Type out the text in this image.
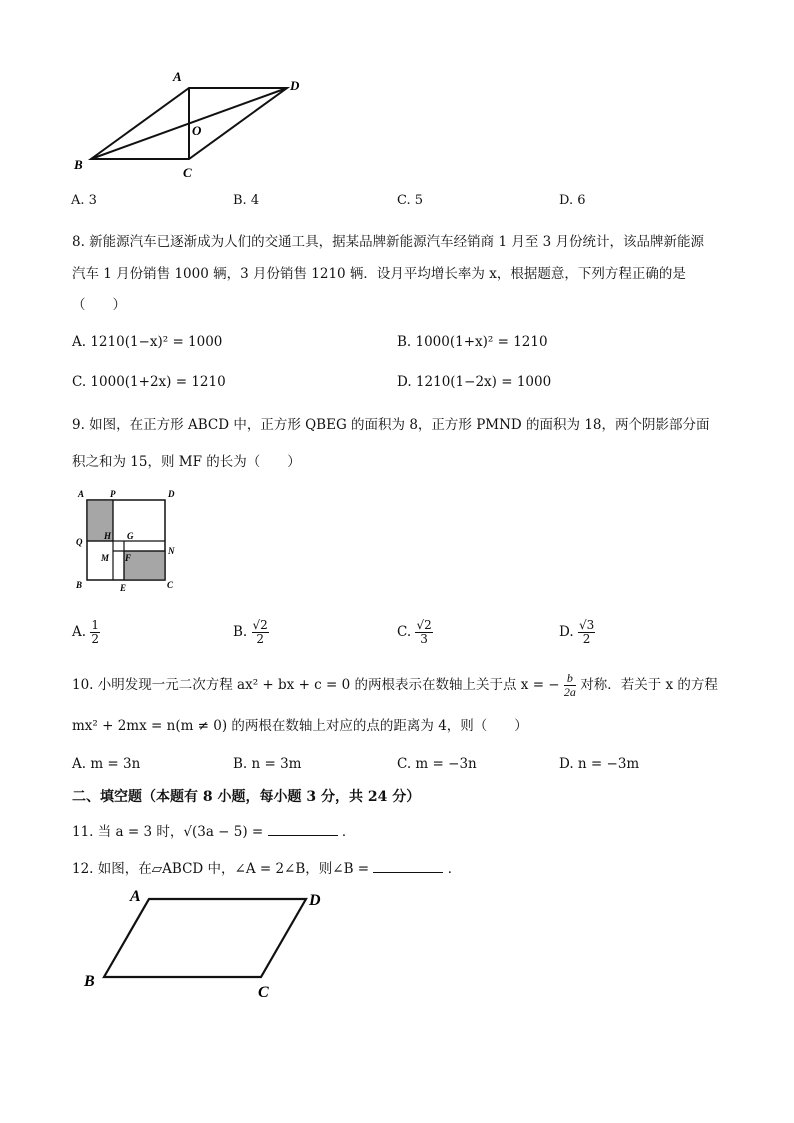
A
D
O
B
C
A. 3	B. 4	C. 5	D. 6
8. 新能源汽车已逐渐成为人们的交通工具，据某品牌新能源汽车经销商 1 月至 3 月份统计，该品牌新能源
汽车 1 月份销售 1000 辆，3 月份销售 1210 辆．设月平均增长率为 x，根据题意，下列方程正确的是
（　　）
A. 1210(1−x)² = 1000	B. 1000(1+x)² = 1210
C. 1000(1+2x) = 1210	D. 1210(1−2x) = 1000
9. 如图，在正方形 ABCD 中，正方形 QBEG 的面积为 8，正方形 PMND 的面积为 18，两个阴影部分面
积之和为 15，则 MF 的长为（　　）
A	P	D
Q
H G
N
M F
B	E	C
A. $\frac{1}{2}$	B. $\frac{√2}{2}$	C. $\frac{√2}{3}$	D. $\frac{√3}{2}$
10. 小明发现一元二次方程 ax² + bx + c = 0 的两根表示在数轴上关于点 x = − $\frac{b}{2a}$ 对称．若关于 x 的方程
mx² + 2mx = n(m ≠ 0) 的两根在数轴上对应的点的距离为 4，则（　　）
A. m = 3n	B. n = 3m	C. m = −3n	D. n = −3m
二、填空题（本题有 8 小题，每小题 3 分，共 24 分）
11. 当 a = 3 时，√(3a − 5) =	．
12. 如图，在▱ABCD 中，∠A = 2∠B，则∠B =	．
A	D
B
C
